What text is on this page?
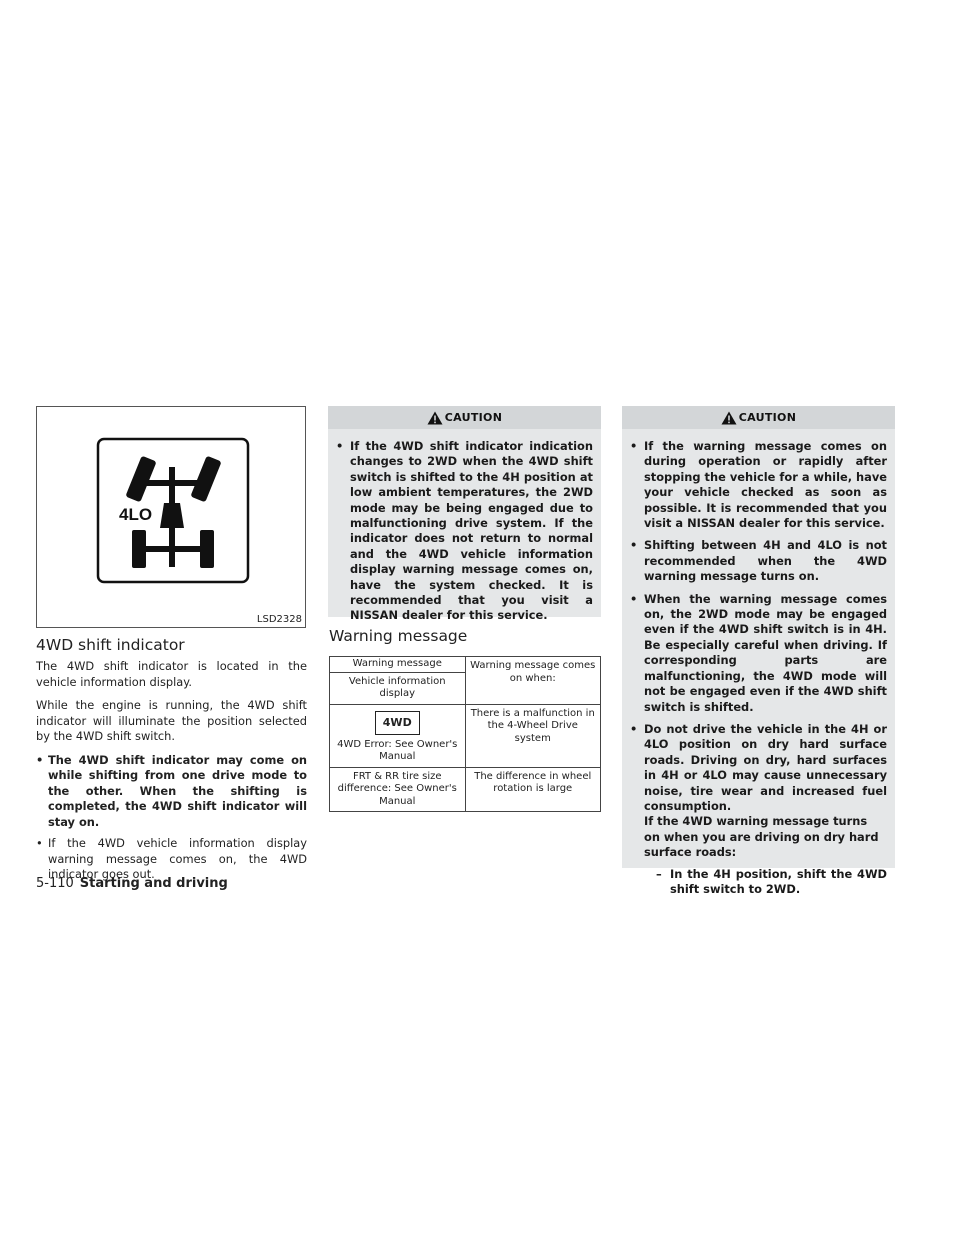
4LO
LSD2328
4WD shift indicator

The 4WD shift indicator is located in the vehicle information display.

While the engine is running, the 4WD shift indicator will illuminate the position selected by the 4WD shift switch.

• The 4WD shift indicator may come on while shifting from one drive mode to the other. When the shifting is completed, the 4WD shift indicator will stay on.
• If the 4WD vehicle information display warning message comes on, the 4WD indicator goes out.
CAUTION
• If the 4WD shift indicator indication changes to 2WD when the 4WD shift switch is shifted to the 4H position at low ambient temperatures, the 2WD mode may be being engaged due to malfunctioning drive system. If the indicator does not return to normal and the 4WD vehicle information display warning message comes on, have the system checked. It is recommended that you visit a NISSAN dealer for this service.
Warning message
Warning message	Warning message comes on when:
Vehicle information display	
4WD
4WD Error: See Owner's Manual	There is a malfunction in the 4-Wheel Drive system
FRT & RR tire size difference: See Owner's Manual	The difference in wheel rotation is large
CAUTION
• If the warning message comes on during operation or rapidly after stopping the vehicle for a while, have your vehicle checked as soon as possible. It is recommended that you visit a NISSAN dealer for this service.
• Shifting between 4H and 4LO is not recommended when the 4WD warning message turns on.
• When the warning message comes on, the 2WD mode may be engaged even if the 4WD shift switch is in 4H. Be especially careful when driving. If corresponding parts are malfunctioning, the 4WD mode will not be engaged even if the 4WD shift switch is shifted.
• Do not drive the vehicle in the 4H or 4LO position on dry hard surface roads. Driving on dry, hard surfaces in 4H or 4LO may cause unnecessary noise, tire wear and increased fuel consumption.
If the 4WD warning message turns on when you are driving on dry hard surface roads:
– In the 4H position, shift the 4WD shift switch to 2WD.
5-110 Starting and driving
